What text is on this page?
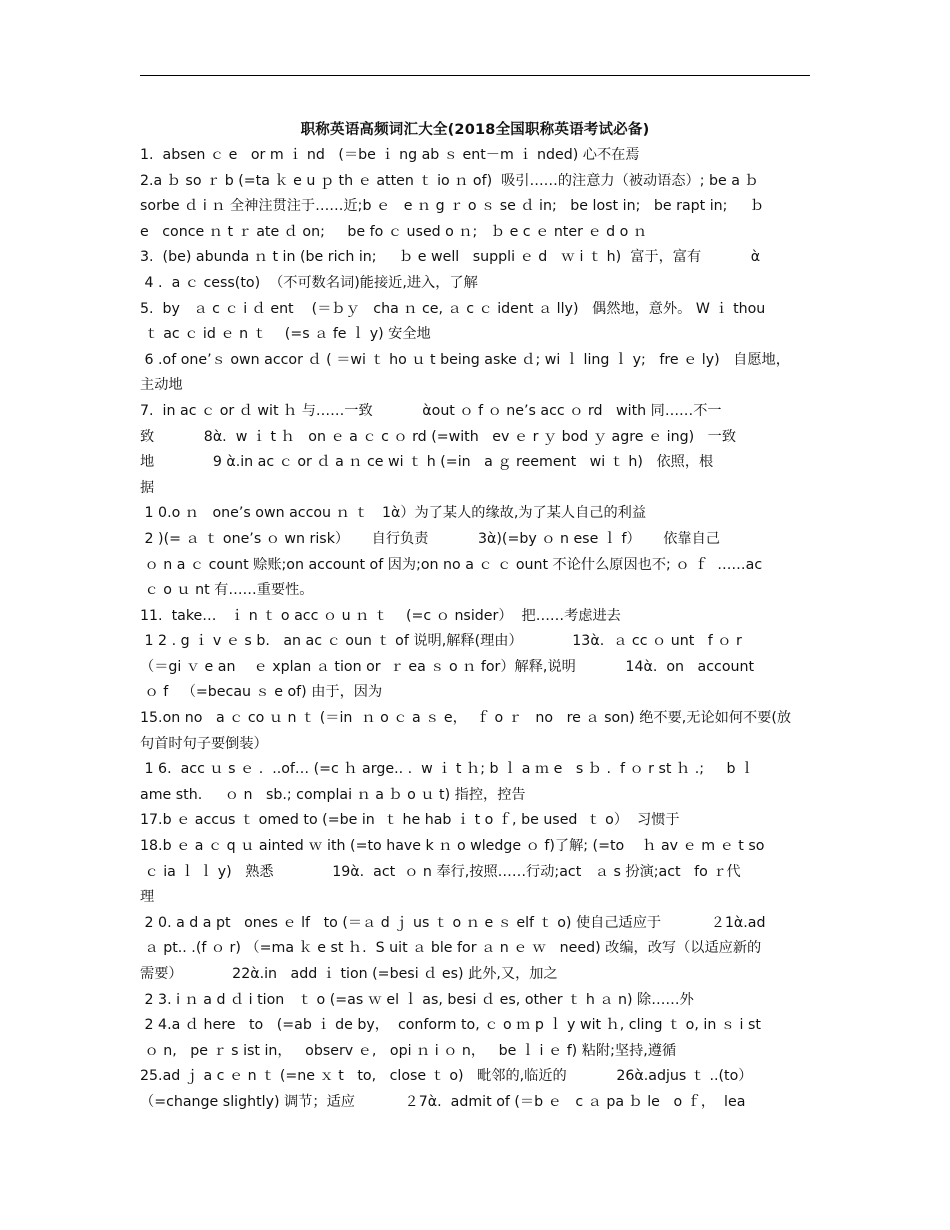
职称英语高频词汇大全(2018全国职称英语考试必备)
1.  absen ｃ e   or m ｉ nd   (＝be ｉ ng ab ｓ ent－m ｉ nded) 心不在焉
2.a ｂ so ｒ b (=ta ｋ e u ｐ th ｅ atten ｔ io ｎ of)  吸引……的注意力（被动语态）; be a ｂ
sorbe ｄ i ｎ 全神注贯注于……近;b ｅ   e ｎ g ｒ o ｓ se ｄ in;   be lost in;   be rapt in;     ｂ
e   conce ｎ t ｒ ate ｄ on;     be fo ｃ used o ｎ;   ｂ e c ｅ nter ｅ d o ｎ
3.  (be) abunda ｎ t in (be rich in;     ｂ e well   suppli ｅ d   ｗ i ｔ h)  富于，富有           ὰ
4 .  a ｃ cess(to)  （不可数名词)能接近,进入，了解
5.  by   ａ c ｃ i ｄ ent    (＝ｂｙ   cha ｎ ce, ａ c ｃ ident ａ lly)   偶然地，意外。 W ｉ thou
ｔ ac ｃ id ｅ n ｔ    (=s ａ fe ｌ y) 安全地
6 .of one’ｓ own accor ｄ ( ＝wi ｔ ho ｕ t being aske ｄ; wi ｌ ling ｌ y;   fre ｅ ly)   自愿地，
主动地
7.  in ac ｃ or ｄ wit ｈ 与……一致           ὰout ｏ f ｏ ne’s acc ｏ rd   with 同……不一
致           8ὰ.  w ｉ t ｈ   on ｅ a ｃ c ｏ rd (=with   ev ｅ r ｙ bod ｙ agre ｅ ing)   一致
地             9 ὰ.in ac ｃ or ｄ a ｎ ce wi ｔ h (=in   a ｇ reement   wi ｔ h)   依照，根
据
1 0.o ｎ   one’s own accou ｎ ｔ   1ὰ）为了某人的缘故,为了某人自己的利益
2 )(= ａ ｔ one’s ｏ wn risk）     自行负责           3ὰ)(=by ｏ n ese ｌ f）     依靠自己
ｏ n a ｃ count 赊账;on account of 因为;on no a ｃ ｃ ount 不论什么原因也不; ｏ ｆ  ……ac
ｃ o ｕ nt 有……重要性。
11.  take…   ｉ n ｔ o acc ｏ u ｎ ｔ    (=c ｏ nsider）  把……考虑进去
1 2 . g ｉ v ｅ s b.   an ac ｃ oun ｔ of 说明,解释(理由）           13ὰ.  ａ cc ｏ unt   f ｏ r
（＝gi ｖ e an    ｅ xplan ａ tion or  ｒ ea ｓ o ｎ for）解释,说明           14ὰ.  on   account
ｏ f   （=becau ｓ e of) 由于，因为
15.on no   a ｃ co ｕ n ｔ (＝in  ｎ o ｃ a ｓ e，  ｆ o ｒ   no   re ａ son) 绝不要,无论如何不要(放
句首时句子要倒装）
1 6.  acc ｕ s ｅ .  ..of… (=c ｈ arge.. .  w ｉ t ｈ; b ｌ a ｍ e   s ｂ .  f ｏ r st ｈ .;     b ｌ
ame sth.     ｏ n   sb.; complai ｎ a ｂ o ｕ t) 指控，控告
17.b ｅ accus ｔ omed to (=be in  ｔ he hab ｉ t o ｆ, be used  ｔ o）  习惯于
18.b ｅ a ｃ q ｕ ainted ｗ ith (=to have k ｎ o wledge ｏ f)了解; (=to    ｈ av ｅ m ｅ t so
ｃ ia ｌ ｌ y)   熟悉             19ὰ.  act  ｏ n 奉行,按照……行动;act   ａ s 扮演;act   fo ｒ代
理
2 0. a d a pt   ones ｅ lf   to (＝ａ d ｊ us ｔ o ｎ e ｓ elf ｔ o) 使自己适应于           ２1ὰ.ad
ａ pt.. .(f ｏ r) （=ma ｋ e st ｈ.  S uit ａ ble for ａ n ｅ ｗ   need) 改编，改写（以适应新的
需要）           22ὰ.in   add ｉ tion (=besi ｄ es) 此外,又，加之
2 3. i ｎ a d ｄ i tion   ｔ o (=as ｗ el ｌ as, besi ｄ es, other ｔ h ａ n) 除……外
2 4.a ｄ here   to   (=ab ｉ de by，  conform to, ｃ o ｍ p ｌ y wit ｈ, cling ｔ o, in ｓ i st
ｏ n,   pe ｒ s ist in，   observ ｅ,   opi ｎ i ｏ n，   be ｌ i ｅ f) 粘附;坚持,遵循
25.ad ｊ a c ｅ n ｔ (=ne ｘ t   to,   close ｔ o)   毗邻的,临近的           26ὰ.adjus ｔ ..(to）
（=change slightly) 调节；适应           ２7ὰ.  admit of (＝b ｅ   c ａ pa ｂ le   o ｆ，  lea
